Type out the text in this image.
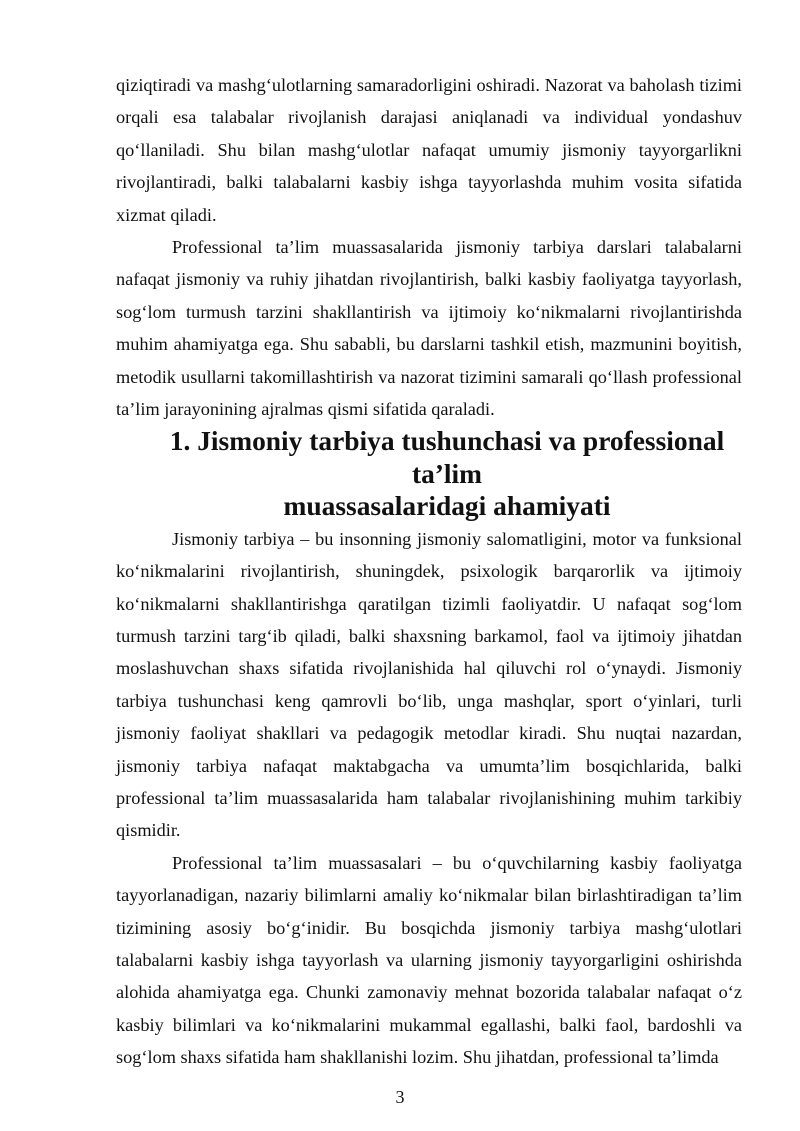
qiziqtiradi va mashg‘ulotlarning samaradorligini oshiradi. Nazorat va baholash tizimi orqali esa talabalar rivojlanish darajasi aniqlanadi va individual yondashuv qo‘llaniladi. Shu bilan mashg‘ulotlar nafaqat umumiy jismoniy tayyorgarlikni rivojlantiradi, balki talabalarni kasbiy ishga tayyorlashda muhim vosita sifatida xizmat qiladi.

Professional ta’lim muassasalarida jismoniy tarbiya darslari talabalarni nafaqat jismoniy va ruhiy jihatdan rivojlantirish, balki kasbiy faoliyatga tayyorlash, sog‘lom turmush tarzini shakllantirish va ijtimoiy ko‘nikmalarni rivojlantirishda muhim ahamiyatga ega. Shu sababli, bu darslarni tashkil etish, mazmunini boyitish, metodik usullarni takomillashtirish va nazorat tizimini samarali qo‘llash professional ta’lim jarayonining ajralmas qismi sifatida qaraladi.

1. Jismoniy tarbiya tushunchasi va professional ta’lim
muassasalaridagi ahamiyati

Jismoniy tarbiya – bu insonning jismoniy salomatligini, motor va funksional ko‘nikmalarini rivojlantirish, shuningdek, psixologik barqarorlik va ijtimoiy ko‘nikmalarni shakllantirishga qaratilgan tizimli faoliyatdir. U nafaqat sog‘lom turmush tarzini targ‘ib qiladi, balki shaxsning barkamol, faol va ijtimoiy jihatdan moslashuvchan shaxs sifatida rivojlanishida hal qiluvchi rol o‘ynaydi. Jismoniy tarbiya tushunchasi keng qamrovli bo‘lib, unga mashqlar, sport o‘yinlari, turli jismoniy faoliyat shakllari va pedagogik metodlar kiradi. Shu nuqtai nazardan, jismoniy tarbiya nafaqat maktabgacha va umumta’lim bosqichlarida, balki professional ta’lim muassasalarida ham talabalar rivojlanishining muhim tarkibiy qismidir.

Professional ta’lim muassasalari – bu o‘quvchilarning kasbiy faoliyatga tayyorlanadigan, nazariy bilimlarni amaliy ko‘nikmalar bilan birlashtiradigan ta’lim tizimining asosiy bo‘g‘inidir. Bu bosqichda jismoniy tarbiya mashg‘ulotlari talabalarni kasbiy ishga tayyorlash va ularning jismoniy tayyorgarligini oshirishda alohida ahamiyatga ega. Chunki zamonaviy mehnat bozorida talabalar nafaqat o‘z kasbiy bilimlari va ko‘nikmalarini mukammal egallashi, balki faol, bardoshli va sog‘lom shaxs sifatida ham shakllanishi lozim. Shu jihatdan, professional ta’limda

3
